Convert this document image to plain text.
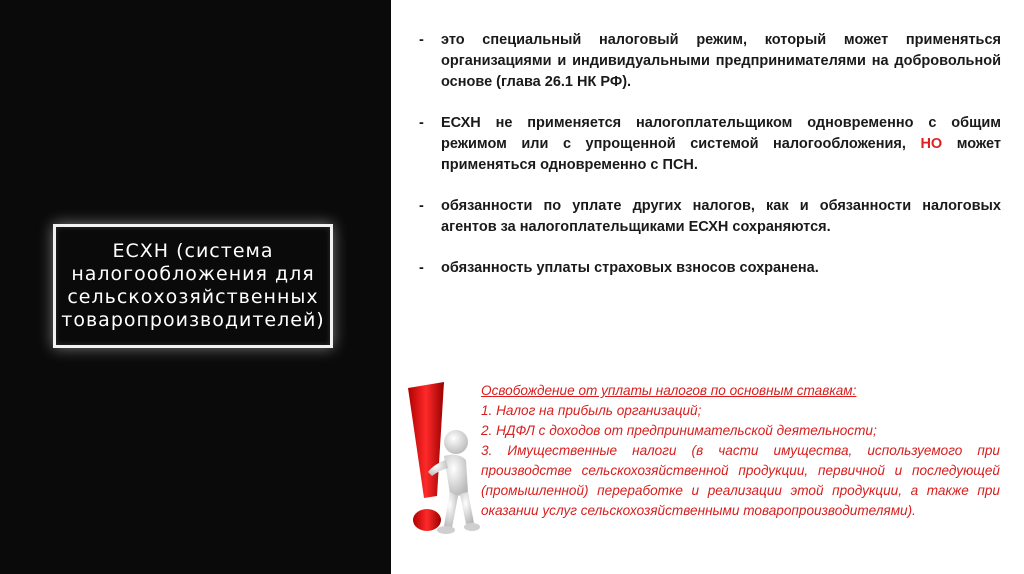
ЕСХН (система налогообложения для сельскохозяйственных товаропроизводителей)
-	это специальный налоговый режим, который может применяться организациями и индивидуальными предпринимателями на добровольной основе (глава 26.1 НК РФ).
-	ЕСХН не применяется налогоплательщиком одновременно с общим режимом или с упрощенной системой налогообложения, НО может применяться одновременно с ПСН.
-	обязанности по уплате других налогов, как и обязанности налоговых агентов за налогоплательщиками ЕСХН сохраняются.
-	обязанность уплаты страховых взносов сохранена.

Освобождение от уплаты налогов по основным ставкам:

1. Налог на прибыль организаций;

2. НДФЛ с доходов от предпринимательской деятельности;

3. Имущественные налоги (в части имущества, используемого при производстве сельскохозяйственной продукции, первичной и последующей (промышленной) переработке и реализации этой продукции, а также при оказании услуг сельскохозяйственными товаропроизводителями).
